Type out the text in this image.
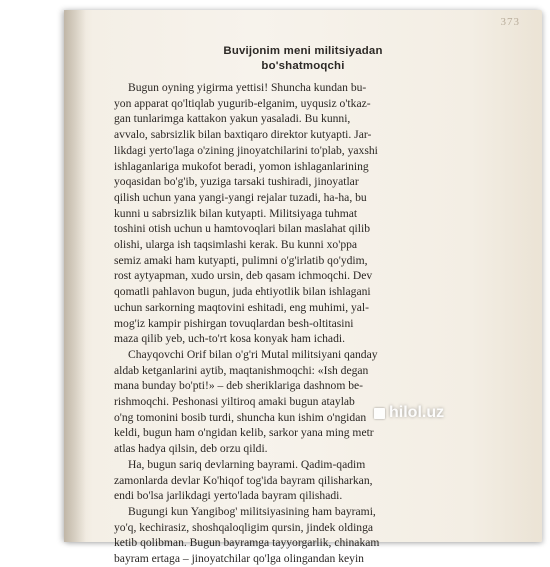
373
Buvijonim meni militsiyadan
bo'shatmoqchi
Bugun oyning yigirma yettisi! Shuncha kundan bu-
yon apparat qo'ltiqlab yugurib-elganim, uyqusiz o'tkaz-
gan tunlarimga kattakon yakun yasaladi. Bu kunni,
avvalo, sabrsizlik bilan baxtiqaro direktor kutyapti. Jar-
likdagi yerto'laga o'zining jinoyatchilarini to'plab, yaxshi
ishlaganlariga mukofot beradi, yomon ishlaganlarining
yoqasidan bo'g'ib, yuziga tarsaki tushiradi, jinoyatlar
qilish uchun yana yangi-yangi rejalar tuzadi, ha-ha, bu
kunni u sabrsizlik bilan kutyapti. Militsiyaga tuhmat
toshini otish uchun u hamtovoqlari bilan maslahat qilib
olishi, ularga ish taqsimlashi kerak. Bu kunni xo'ppa
semiz amaki ham kutyapti, pulimni o'g'irlatib qo'ydim,
rost aytyapman, xudo ursin, deb qasam ichmoqchi. Dev
qomatli pahlavon bugun, juda ehtiyotlik bilan ishlagani
uchun sarkorning maqtovini eshitadi, eng muhimi, yal-
mog'iz kampir pishirgan tovuqlardan besh-oltitasini
maza qilib yeb, uch-to'rt kosa konyak ham ichadi.
Chayqovchi Orif bilan o'g'ri Mutal militsiyani qanday
aldab ketganlarini aytib, maqtanishmoqchi: «Ish degan
mana bunday bo'pti!» – deb sheriklariga dashnom be-
rishmoqchi. Peshonasi yiltiroq amaki bugun ataylab
o'ng tomonini bosib turdi, shuncha kun ishim o'ngidan
keldi, bugun ham o'ngidan kelib, sarkor yana ming metr
atlas hadya qilsin, deb orzu qildi.
Ha, bugun sariq devlarning bayrami. Qadim-qadim
zamonlarda devlar Ko'hiqof tog'ida bayram qilisharkan,
endi bo'lsa jarlikdagi yerto'lada bayram qilishadi.
Bugungi kun Yangibog' militsiyasining ham bayrami,
yo'q, kechirasiz, shoshqaloqligim qursin, jindek oldinga
ketib qolibman. Bugun bayramga tayyorgarlik, chinakam
bayram ertaga – jinoyatchilar qo'lga olingandan keyin
hilol.uz
